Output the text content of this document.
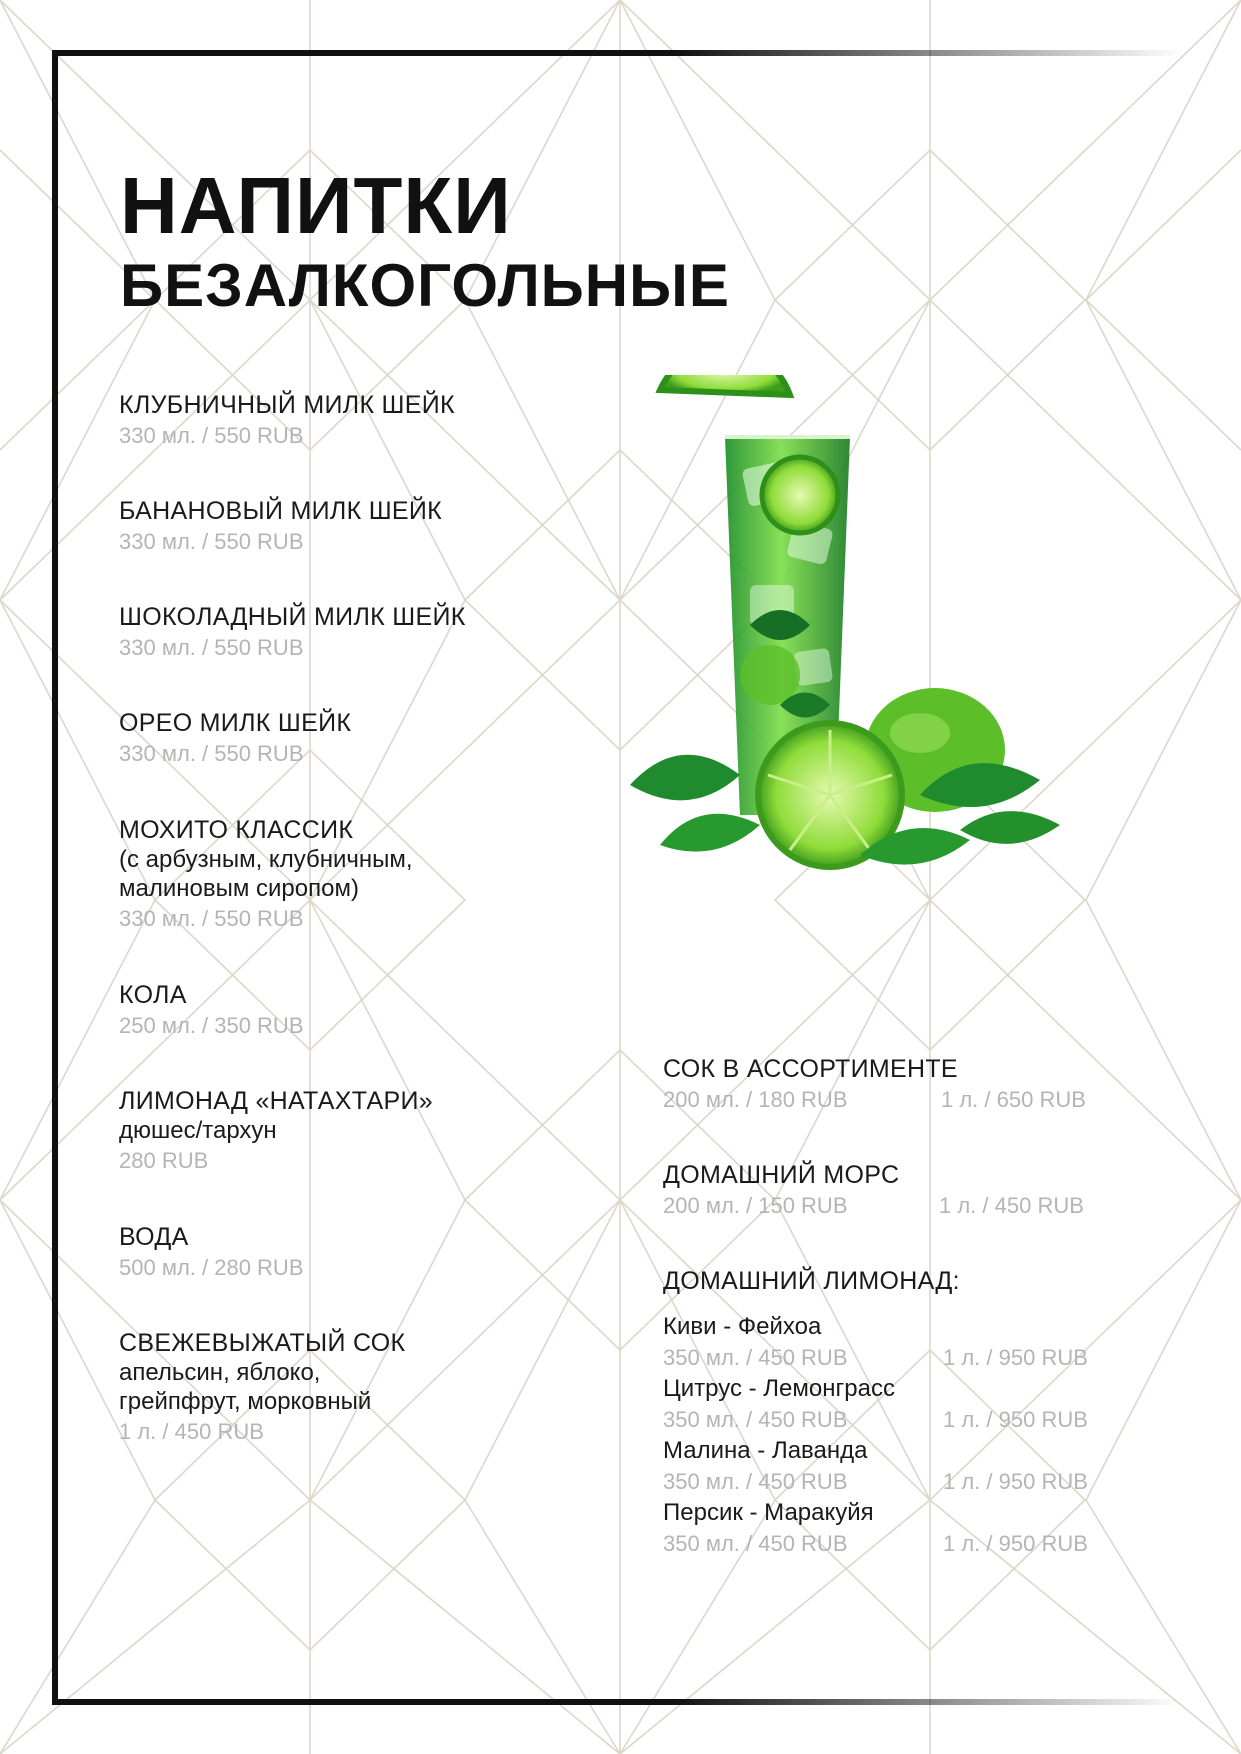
НАПИТКИ
БЕЗАЛКОГОЛЬНЫЕ
КЛУБНИЧНЫЙ МИЛК ШЕЙК
330 мл. / 550 RUB
БАНАНОВЫЙ МИЛК ШЕЙК
330 мл. / 550 RUB
ШОКОЛАДНЫЙ МИЛК ШЕЙК
330 мл. / 550 RUB
ОРЕО МИЛК ШЕЙК
330 мл. / 550 RUB
МОХИТО КЛАССИК
(с арбузным, клубничным,
малиновым сиропом)
330 мл. / 550 RUB
КОЛА
250 мл. / 350 RUB
ЛИМОНАД «НАТАХТАРИ»
дюшес/тархун
280 RUB
ВОДА
500 мл. / 280 RUB
СВЕЖЕВЫЖАТЫЙ СОК
апельсин, яблоко,
грейпфрут, морковный
1 л. / 450 RUB
СОК В АССОРТИМЕНТЕ
200 мл. / 180 RUB	1 л. / 650 RUB
ДОМАШНИЙ МОРС
200 мл. / 150 RUB	1 л. / 450 RUB
ДОМАШНИЙ ЛИМОНАД:
Киви - Фейхоа
350 мл. / 450 RUB	1 л. / 950 RUB
Цитрус - Лемонграсс
350 мл. / 450 RUB	1 л. / 950 RUB
Малина - Лаванда
350 мл. / 450 RUB	1 л. / 950 RUB
Персик - Маракуйя
350 мл. / 450 RUB	1 л. / 950 RUB
